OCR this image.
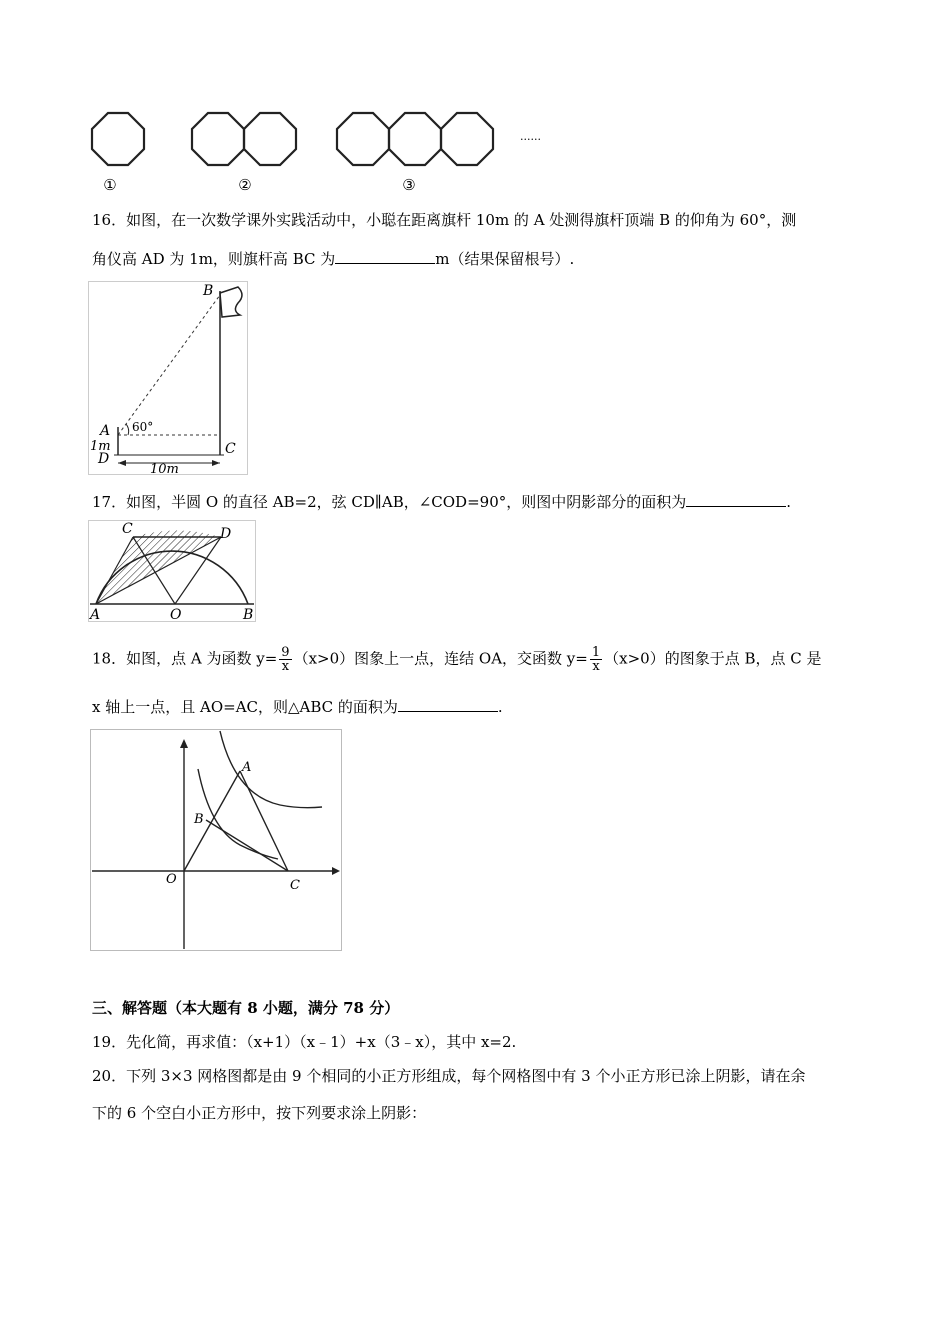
①	②	③
......
16．如图，在一次数学课外实践活动中，小聪在距离旗杆 10m 的 A 处测得旗杆顶端 B 的仰角为 60°，测
角仪高 AD 为 1m，则旗杆高 BC 为	m（结果保留根号）.
B
A
C
D
1m
10m
60°
17．如图，半圆 O 的直径 AB=2，弦 CD∥AB，∠COD=90°，则图中阴影部分的面积为	.
C	D
A	O	B
18．如图，点 A 为函数 $y= \frac{9}{x} (x>0)$图象上一点，连结 OA，交函数 $y= \frac{1}{x} (x>0)$的图象于点 B，点 C 是
x 轴上一点，且 AO=AC，则△ABC 的面积为	.
A
B
O	C
三、解答题（本大题有 8 小题，满分 78 分）
19．先化简，再求值：（x+1）（x﹣1）+x（3﹣x），其中 x=2.
20．下列 3×3 网格图都是由 9 个相同的小正方形组成，每个网格图中有 3 个小正方形已涂上阴影，请在余
下的 6 个空白小正方形中，按下列要求涂上阴影：
